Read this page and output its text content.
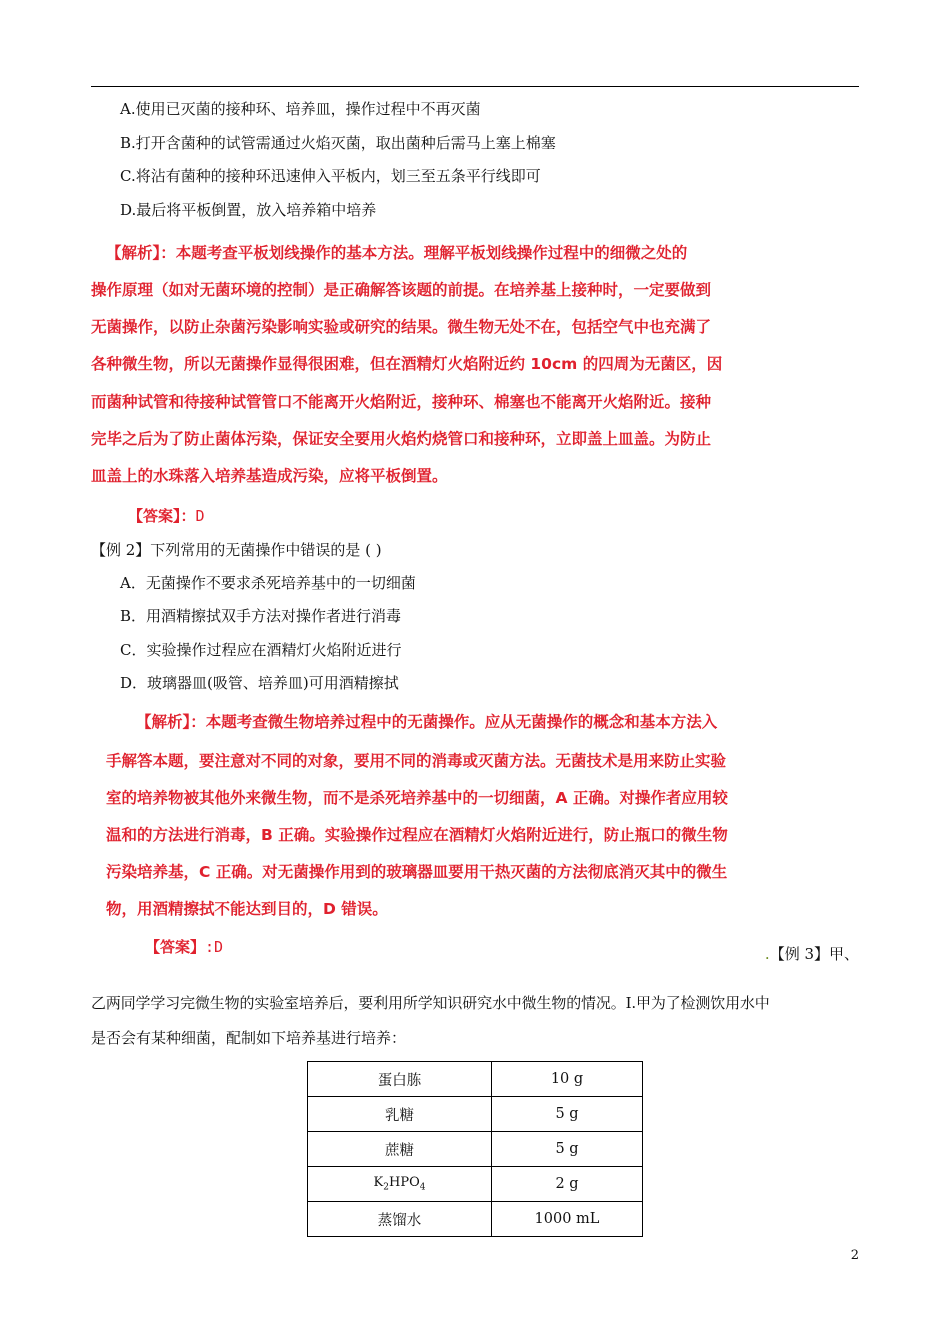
A.使用已灭菌的接种环、培养皿，操作过程中不再灭菌
B.打开含菌种的试管需通过火焰灭菌，取出菌种后需马上塞上棉塞
C.将沾有菌种的接种环迅速伸入平板内，划三至五条平行线即可
D.最后将平板倒置，放入培养箱中培养
【解析】：本题考查平板划线操作的基本方法。理解平板划线操作过程中的细微之处的
操作原理（如对无菌环境的控制）是正确解答该题的前提。在培养基上接种时，一定要做到
无菌操作，以防止杂菌污染影响实验或研究的结果。微生物无处不在，包括空气中也充满了
各种微生物，所以无菌操作显得很困难，但在酒精灯火焰附近约 10cm 的四周为无菌区，因
而菌种试管和待接种试管管口不能离开火焰附近，接种环、棉塞也不能离开火焰附近。接种
完毕之后为了防止菌体污染，保证安全要用火焰灼烧管口和接种环，立即盖上皿盖。为防止
皿盖上的水珠落入培养基造成污染，应将平板倒置。
【答案】：D
【例 2】下列常用的无菌操作中错误的是 ( )
A．无菌操作不要求杀死培养基中的一切细菌
B．用酒精擦拭双手方法对操作者进行消毒
C．实验操作过程应在酒精灯火焰附近进行
D．玻璃器皿(吸管、培养皿)可用酒精擦拭
【解析】：本题考查微生物培养过程中的无菌操作。应从无菌操作的概念和基本方法入
手解答本题，要注意对不同的对象，要用不同的消毒或灭菌方法。无菌技术是用来防止实验
室的培养物被其他外来微生物，而不是杀死培养基中的一切细菌，A 正确。对操作者应用较
温和的方法进行消毒，B 正确。实验操作过程应在酒精灯火焰附近进行，防止瓶口的微生物
污染培养基，C 正确。对无菌操作用到的玻璃器皿要用干热灭菌的方法彻底消灭其中的微生
物，用酒精擦拭不能达到目的，D 错误。
【答案】:D	.【例 3】甲、
乙两同学学习完微生物的实验室培养后，要利用所学知识研究水中微生物的情况。Ⅰ.甲为了检测饮用水中
是否会有某种细菌，配制如下培养基进行培养：
蛋白胨	10 g
乳糖	5 g
蔗糖	5 g
$K_2HPO_4$	2 g
蒸馏水	1000 mL
2
